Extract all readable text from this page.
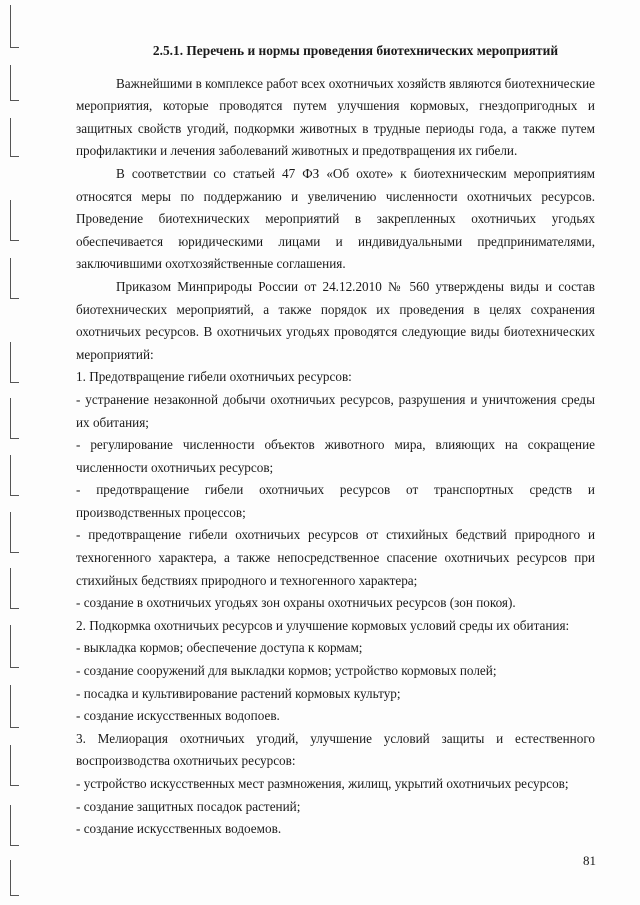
2.5.1. Перечень и нормы проведения биотехнических мероприятий

Важнейшими в комплексе работ всех охотничьих хозяйств являются биотехнические мероприятия, которые проводятся путем улучшения кормовых, гнездопригодных и защитных свойств угодий, подкормки животных в трудные периоды года, а также путем профилактики и лечения заболеваний животных и предотвращения их гибели.

В соответствии со статьей 47 ФЗ «Об охоте» к биотехническим мероприятиям относятся меры по поддержанию и увеличению численности охотничьих ресурсов. Проведение биотехнических мероприятий в закрепленных охотничьих угодьях обеспечивается юридическими лицами и индивидуальными предпринимателями, заключившими охотхозяйственные соглашения.

Приказом Минприроды России от 24.12.2010 № 560 утверждены виды и состав биотехнических мероприятий, а также порядок их проведения в целях сохранения охотничьих ресурсов. В охотничьих угодьях проводятся следующие виды биотехнических мероприятий:

1. Предотвращение гибели охотничьих ресурсов:

- устранение незаконной добычи охотничьих ресурсов, разрушения и уничтожения среды их обитания;

- регулирование численности объектов животного мира, влияющих на сокращение численности охотничьих ресурсов;

- предотвращение гибели охотничьих ресурсов от транспортных средств и производственных процессов;

- предотвращение гибели охотничьих ресурсов от стихийных бедствий природного и техногенного характера, а также непосредственное спасение охотничьих ресурсов при стихийных бедствиях природного и техногенного характера;

- создание в охотничьих угодьях зон охраны охотничьих ресурсов (зон покоя).

2. Подкормка охотничьих ресурсов и улучшение кормовых условий среды их обитания:

- выкладка кормов; обеспечение доступа к кормам;

- создание сооружений для выкладки кормов; устройство кормовых полей;

- посадка и культивирование растений кормовых культур;

- создание искусственных водопоев.

3. Мелиорация охотничьих угодий, улучшение условий защиты и естественного воспроизводства охотничьих ресурсов:

- устройство искусственных мест размножения, жилищ, укрытий охотничьих ресурсов;

- создание защитных посадок растений;

- создание искусственных водоемов.

81
